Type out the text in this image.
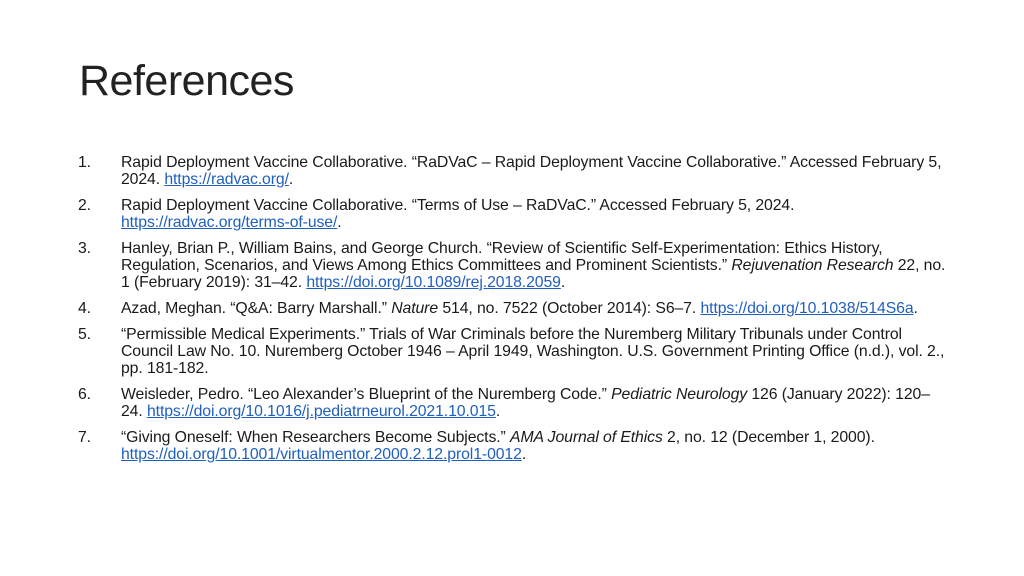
References
1. Rapid Deployment Vaccine Collaborative. “RaDVaC – Rapid Deployment Vaccine Collaborative.” Accessed February 5, 2024. https://radvac.org/.
2. Rapid Deployment Vaccine Collaborative. “Terms of Use – RaDVaC.” Accessed February 5, 2024. https://radvac.org/terms-of-use/.
3. Hanley, Brian P., William Bains, and George Church. “Review of Scientific Self-Experimentation: Ethics History, Regulation, Scenarios, and Views Among Ethics Committees and Prominent Scientists.” Rejuvenation Research 22, no. 1 (February 2019): 31–42. https://doi.org/10.1089/rej.2018.2059.
4. Azad, Meghan. “Q&A: Barry Marshall.” Nature 514, no. 7522 (October 2014): S6–7. https://doi.org/10.1038/514S6a.
5. “Permissible Medical Experiments.” Trials of War Criminals before the Nuremberg Military Tribunals under Control Council Law No. 10. Nuremberg October 1946 – April 1949, Washington. U.S. Government Printing Office (n.d.), vol. 2., pp. 181-182.
6. Weisleder, Pedro. “Leo Alexander’s Blueprint of the Nuremberg Code.” Pediatric Neurology 126 (January 2022): 120–24. https://doi.org/10.1016/j.pediatrneurol.2021.10.015.
7. “Giving Oneself: When Researchers Become Subjects.” AMA Journal of Ethics 2, no. 12 (December 1, 2000). https://doi.org/10.1001/virtualmentor.2000.2.12.prol1-0012.
